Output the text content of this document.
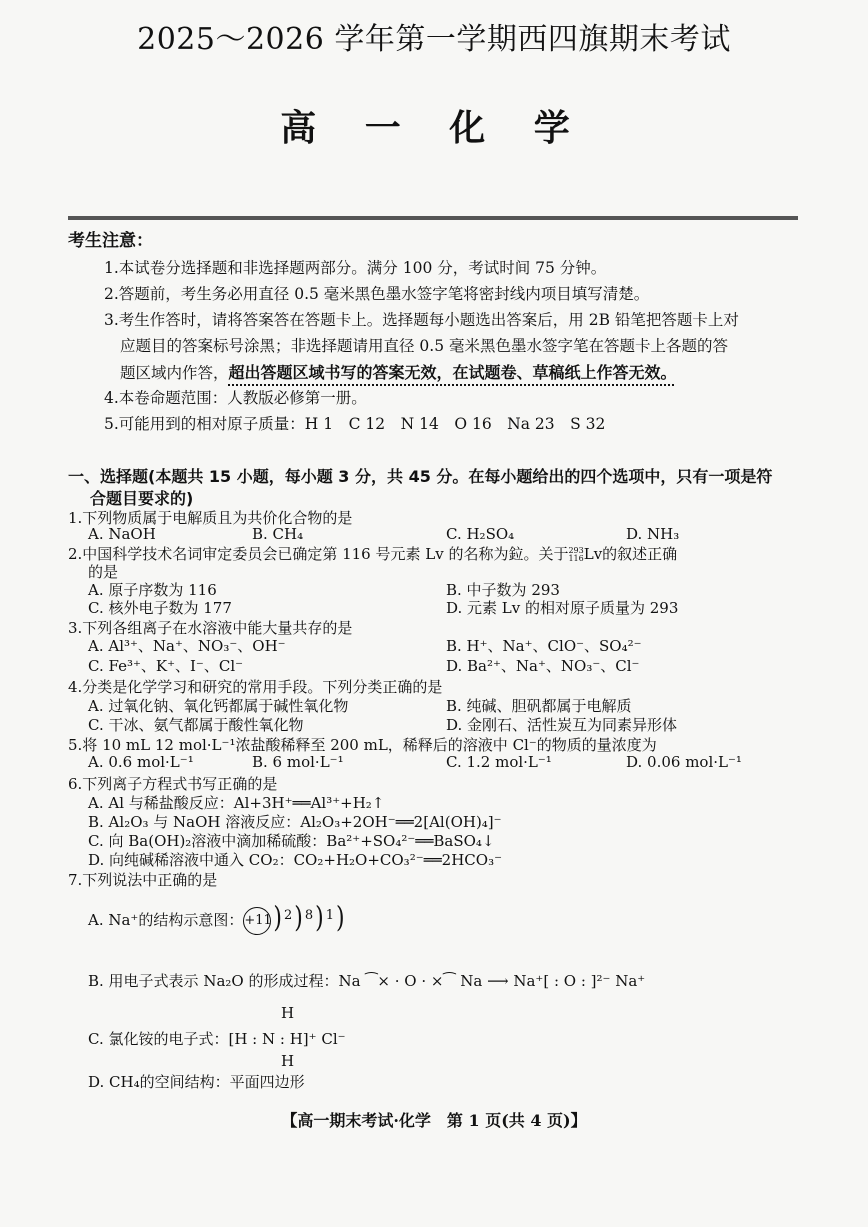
2025～2026 学年第一学期西四旗期末考试
高 一 化 学
考生注意：
1.本试卷分选择题和非选择题两部分。满分 100 分，考试时间 75 分钟。
2.答题前，考生务必用直径 0.5 毫米黑色墨水签字笔将密封线内项目填写清楚。
3.考生作答时，请将答案答在答题卡上。选择题每小题选出答案后，用 2B 铅笔把答题卡上对
应题目的答案标号涂黑；非选择题请用直径 0.5 毫米黑色墨水签字笔在答题卡上各题的答
题区域内作答，超出答题区域书写的答案无效，在试题卷、草稿纸上作答无效。
4.本卷命题范围：人教版必修第一册。
5.可能用到的相对原子质量：H 1　C 12　N 14　O 16　Na 23　S 32
一、选择题(本题共 15 小题，每小题 3 分，共 45 分。在每小题给出的四个选项中，只有一项是符
合题目要求的)
1.下列物质属于电解质且为共价化合物的是
A. NaOH	B. CH₄	C. H₂SO₄	D. NH₃
2.中国科学技术名词审定委员会已确定第 116 号元素 Lv 的名称为鉝。关于293
116Lv的叙述正确
的是
A. 原子序数为 116	B. 中子数为 293
C. 核外电子数为 177	D. 元素 Lv 的相对原子质量为 293
3.下列各组离子在水溶液中能大量共存的是
A. Al³⁺、Na⁺、NO₃⁻、OH⁻	B. H⁺、Na⁺、ClO⁻、SO₄²⁻
C. Fe³⁺、K⁺、I⁻、Cl⁻	D. Ba²⁺、Na⁺、NO₃⁻、Cl⁻
4.分类是化学学习和研究的常用手段。下列分类正确的是
A. 过氧化钠、氧化钙都属于碱性氧化物	B. 纯碱、胆矾都属于电解质
C. 干冰、氨气都属于酸性氧化物	D. 金刚石、活性炭互为同素异形体
5.将 10 mL 12 mol·L⁻¹浓盐酸稀释至 200 mL，稀释后的溶液中 Cl⁻的物质的量浓度为
A. 0.6 mol·L⁻¹	B. 6 mol·L⁻¹	C. 1.2 mol·L⁻¹	D. 0.06 mol·L⁻¹
6.下列离子方程式书写正确的是
A. Al 与稀盐酸反应：Al+3H⁺══Al³⁺+H₂↑
B. Al₂O₃ 与 NaOH 溶液反应：Al₂O₃+2OH⁻══2[Al(OH)₄]⁻
C. 向 Ba(OH)₂溶液中滴加稀硫酸：Ba²⁺+SO₄²⁻══BaSO₄↓
D. 向纯碱稀溶液中通入 CO₂：CO₂+H₂O+CO₃²⁻══2HCO₃⁻
7.下列说法中正确的是
A. Na⁺的结构示意图：+11) 2) 8) 1)
B. 用电子式表示 Na₂O 的形成过程：Na ⁀× · O · ×⁀ Na ⟶ Na⁺[ : O : ]²⁻ Na⁺
H
C. 氯化铵的电子式：[H : N : H]⁺ Cl⁻
H
D. CH₄的空间结构：平面四边形
【高一期末考试·化学　第 1 页(共 4 页)】
